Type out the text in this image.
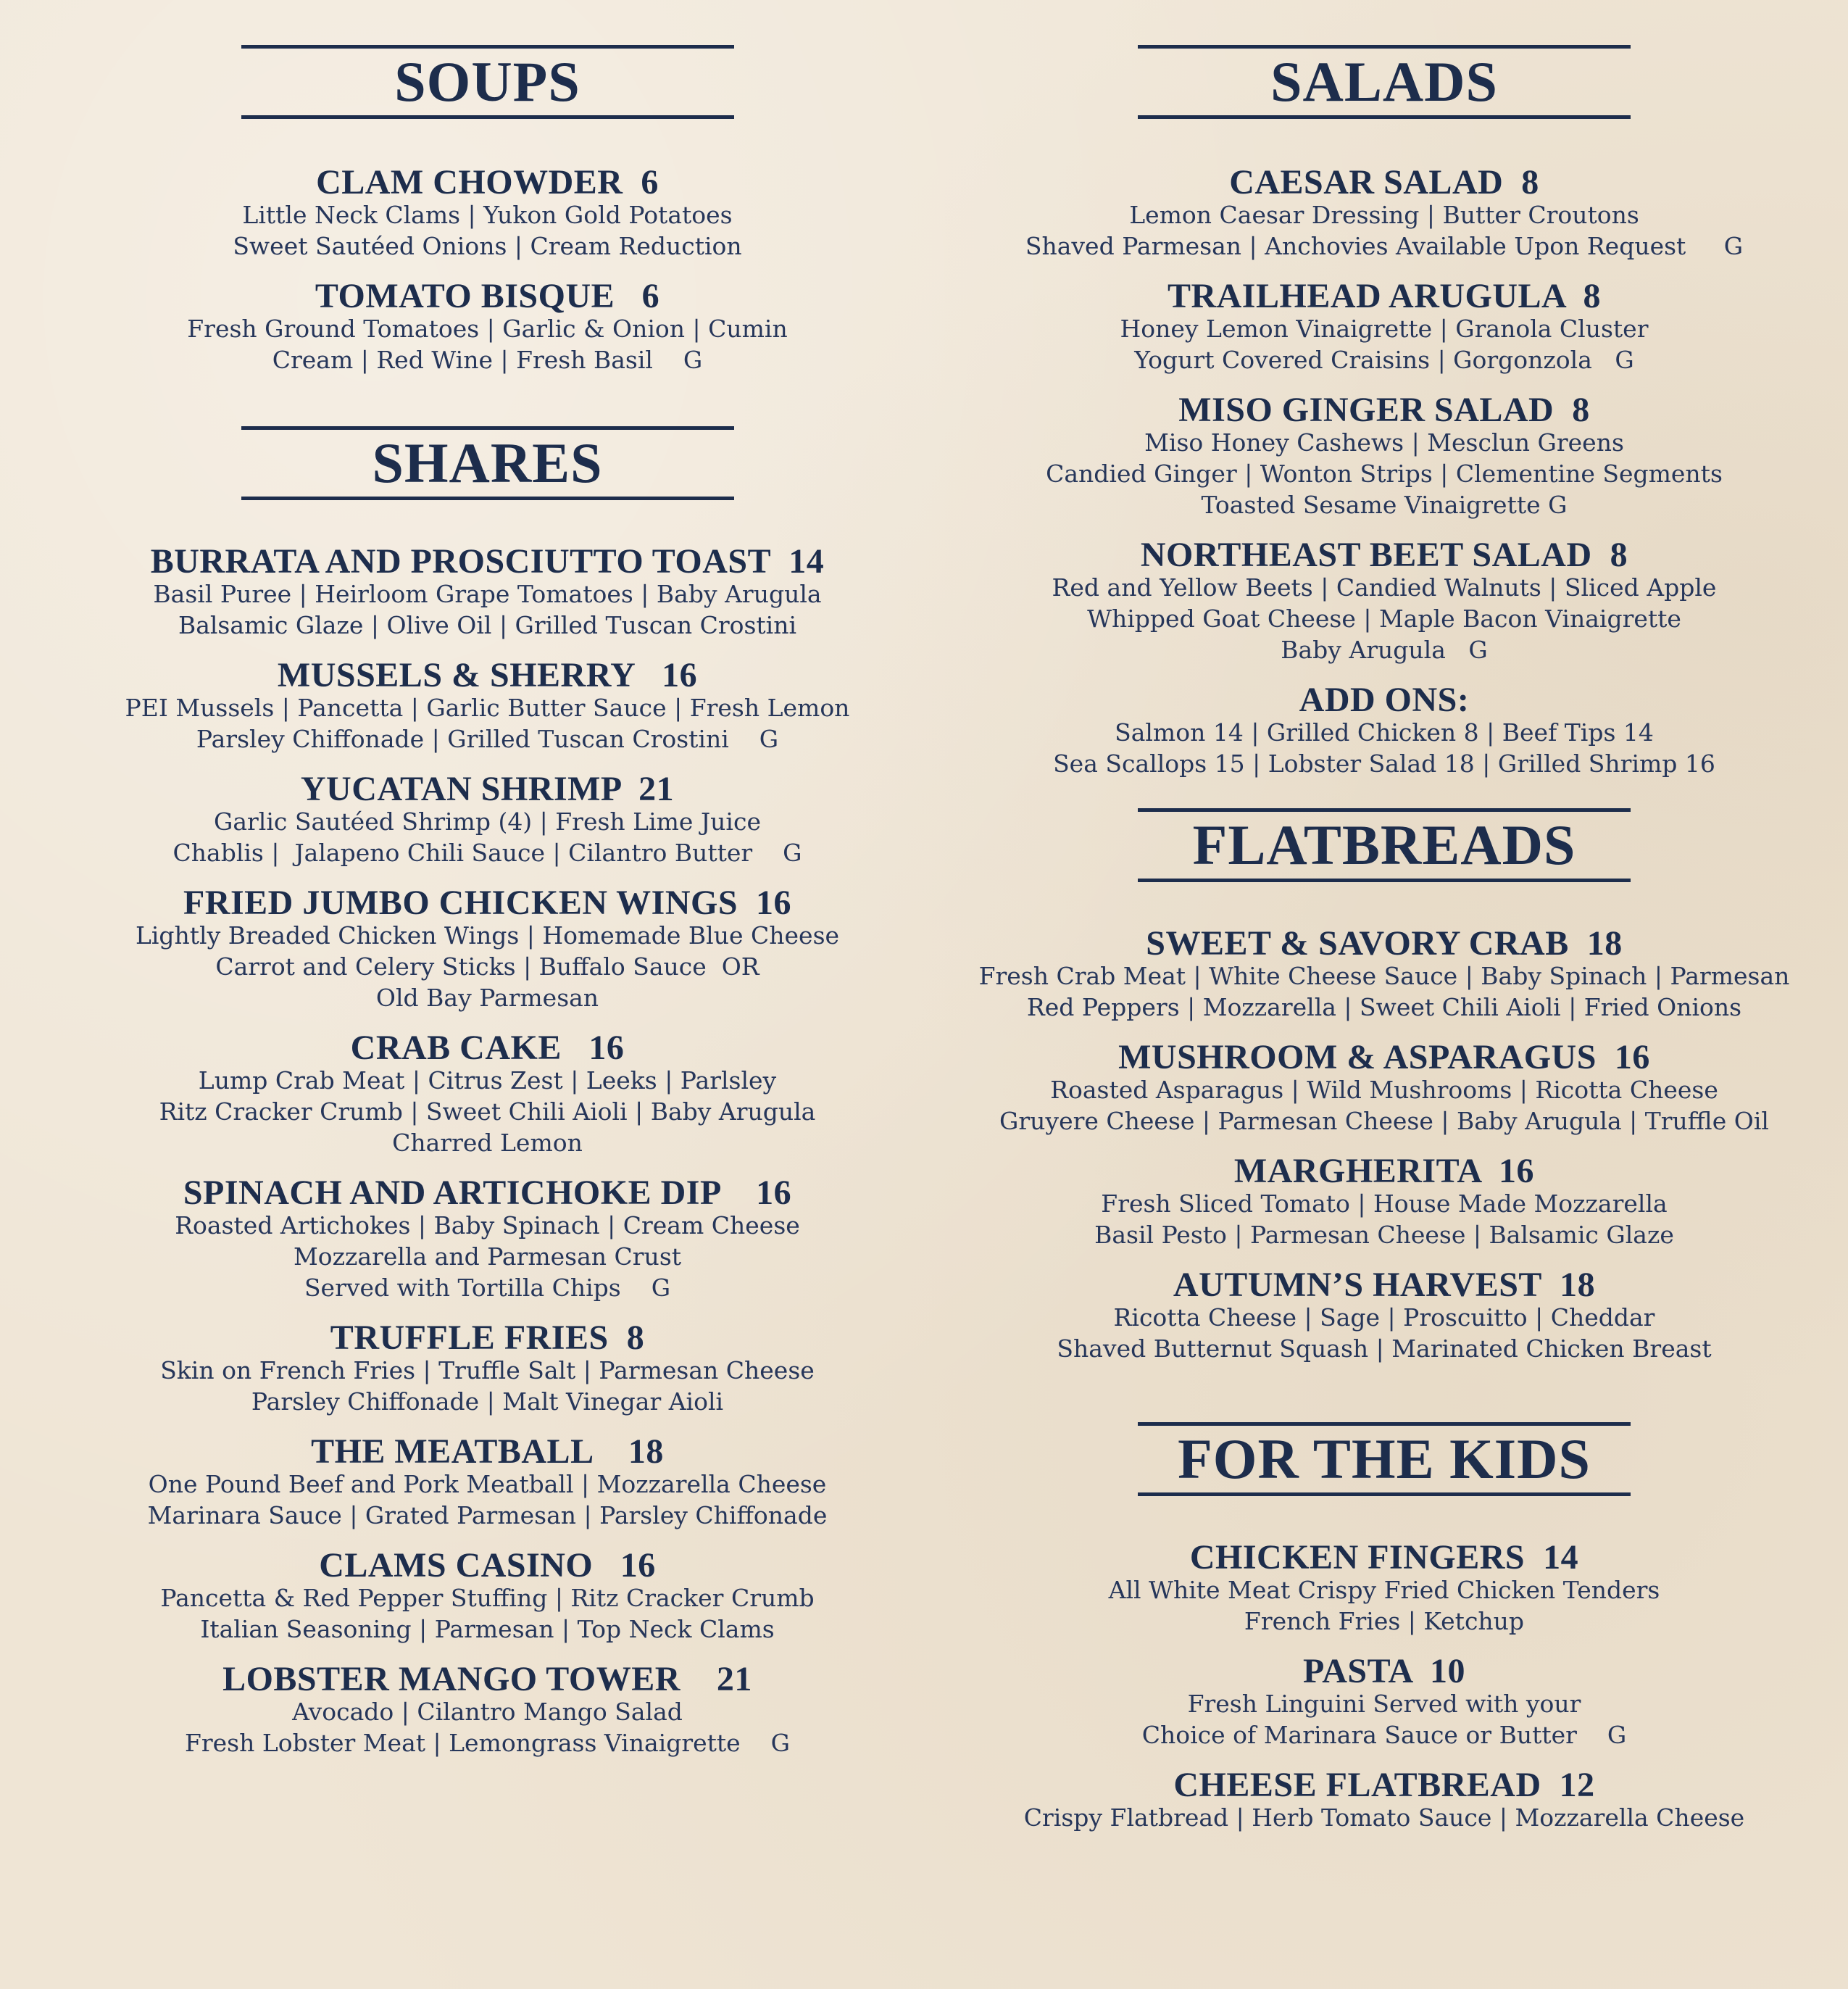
SOUPS
CLAM CHOWDER  6
Little Neck Clams | Yukon Gold Potatoes
Sweet Sautéed Onions | Cream Reduction
TOMATO BISQUE   6
Fresh Ground Tomatoes | Garlic & Onion | Cumin
Cream | Red Wine | Fresh Basil    G
SHARES
BURRATA AND PROSCIUTTO TOAST  14
Basil Puree | Heirloom Grape Tomatoes | Baby Arugula
Balsamic Glaze | Olive Oil | Grilled Tuscan Crostini
MUSSELS & SHERRY   16
PEI Mussels | Pancetta | Garlic Butter Sauce | Fresh Lemon
Parsley Chiffonade | Grilled Tuscan Crostini    G
YUCATAN SHRIMP  21
Garlic Sautéed Shrimp (4) | Fresh Lime Juice
Chablis |  Jalapeno Chili Sauce | Cilantro Butter    G
FRIED JUMBO CHICKEN WINGS  16
Lightly Breaded Chicken Wings | Homemade Blue Cheese
Carrot and Celery Sticks | Buffalo Sauce  OR
Old Bay Parmesan
CRAB CAKE   16
Lump Crab Meat | Citrus Zest | Leeks | Parlsley
Ritz Cracker Crumb | Sweet Chili Aioli | Baby Arugula
Charred Lemon
SPINACH AND ARTICHOKE DIP    16
Roasted Artichokes | Baby Spinach | Cream Cheese
Mozzarella and Parmesan Crust
Served with Tortilla Chips    G
TRUFFLE FRIES  8
Skin on French Fries | Truffle Salt | Parmesan Cheese
Parsley Chiffonade | Malt Vinegar Aioli
THE MEATBALL    18
One Pound Beef and Pork Meatball | Mozzarella Cheese
Marinara Sauce | Grated Parmesan | Parsley Chiffonade
CLAMS CASINO   16
Pancetta & Red Pepper Stuffing | Ritz Cracker Crumb
Italian Seasoning | Parmesan | Top Neck Clams
LOBSTER MANGO TOWER    21
Avocado | Cilantro Mango Salad
Fresh Lobster Meat | Lemongrass Vinaigrette    G
SALADS
CAESAR SALAD  8
Lemon Caesar Dressing | Butter Croutons
Shaved Parmesan | Anchovies Available Upon Request     G
TRAILHEAD ARUGULA  8
Honey Lemon Vinaigrette | Granola Cluster
Yogurt Covered Craisins | Gorgonzola   G
MISO GINGER SALAD  8
Miso Honey Cashews | Mesclun Greens
Candied Ginger | Wonton Strips | Clementine Segments
Toasted Sesame Vinaigrette G
NORTHEAST BEET SALAD  8
Red and Yellow Beets | Candied Walnuts | Sliced Apple
Whipped Goat Cheese | Maple Bacon Vinaigrette
Baby Arugula   G
ADD ONS:
Salmon 14 | Grilled Chicken 8 | Beef Tips 14
Sea Scallops 15 | Lobster Salad 18 | Grilled Shrimp 16
FLATBREADS
SWEET & SAVORY CRAB  18
Fresh Crab Meat | White Cheese Sauce | Baby Spinach | Parmesan
Red Peppers | Mozzarella | Sweet Chili Aioli | Fried Onions
MUSHROOM & ASPARAGUS  16
Roasted Asparagus | Wild Mushrooms | Ricotta Cheese
Gruyere Cheese | Parmesan Cheese | Baby Arugula | Truffle Oil
MARGHERITA  16
Fresh Sliced Tomato | House Made Mozzarella
Basil Pesto | Parmesan Cheese | Balsamic Glaze
AUTUMN’S HARVEST  18
Ricotta Cheese | Sage | Proscuitto | Cheddar
Shaved Butternut Squash | Marinated Chicken Breast
FOR THE KIDS
CHICKEN FINGERS  14
All White Meat Crispy Fried Chicken Tenders
French Fries | Ketchup
PASTA  10
Fresh Linguini Served with your
Choice of Marinara Sauce or Butter    G
CHEESE FLATBREAD  12
Crispy Flatbread | Herb Tomato Sauce | Mozzarella Cheese
